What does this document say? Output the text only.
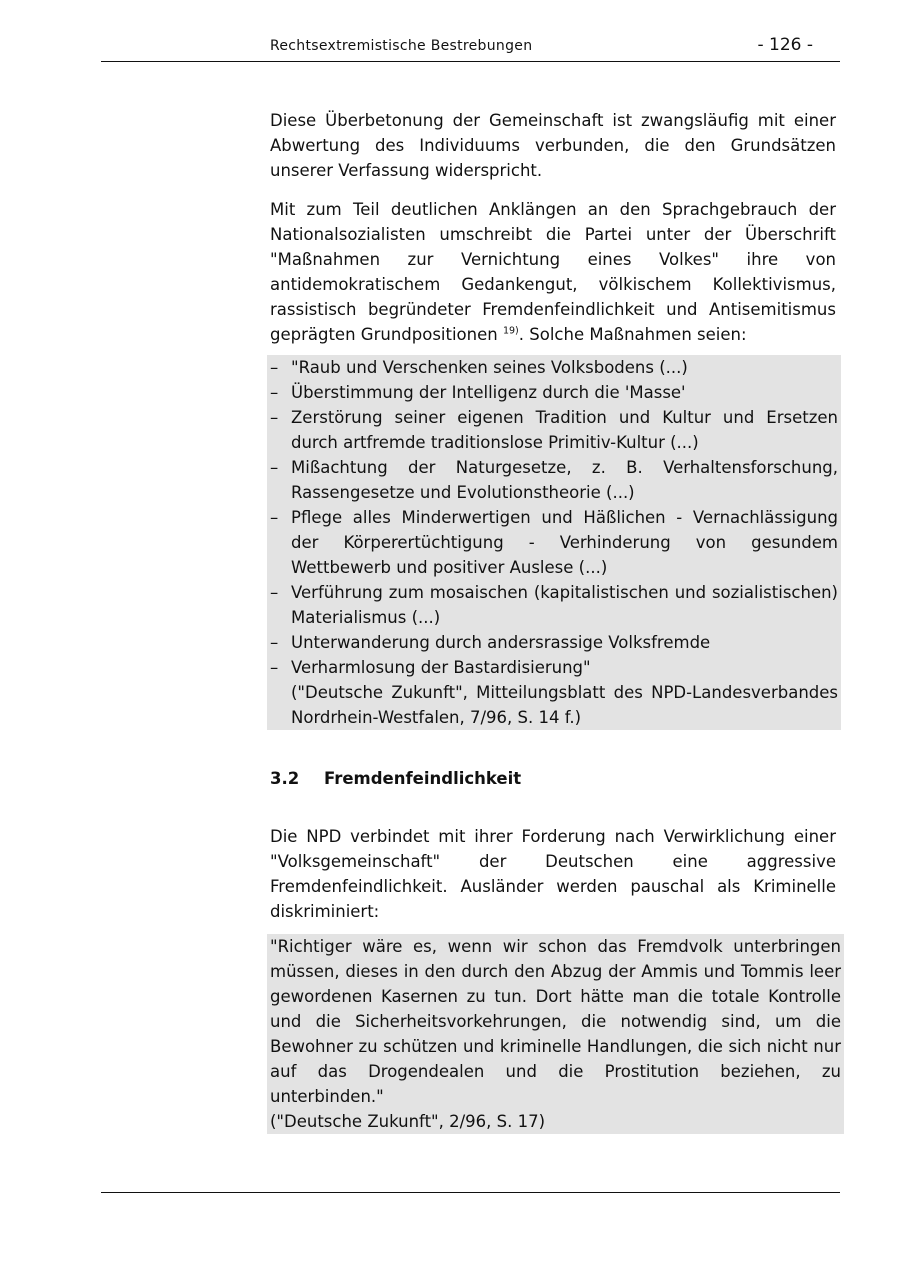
Rechtsextremistische Bestrebungen	- 126 -

Diese Überbetonung der Gemeinschaft ist zwangsläufig mit einer Abwertung des Individuums verbunden, die den Grundsätzen unserer Verfassung widerspricht.

Mit zum Teil deutlichen Anklängen an den Sprachgebrauch der Nationalsozialisten umschreibt die Partei unter der Überschrift "Maßnahmen zur Vernichtung eines Volkes" ihre von antidemokratischem Gedankengut, völkischem Kollektivismus, rassistisch begründeter Fremdenfeindlichkeit und Antisemitismus geprägten Grundpositionen $^{19)}$. Solche Maßnahmen seien:

– "Raub und Verschenken seines Volksbodens (...)
– Überstimmung der Intelligenz durch die 'Masse'
– Zerstörung seiner eigenen Tradition und Kultur und Ersetzen durch artfremde traditionslose Primitiv-Kultur (...)
– Mißachtung der Naturgesetze, z. B. Verhaltensforschung, Rassengesetze und Evolutionstheorie (...)
– Pflege alles Minderwertigen und Häßlichen - Vernachlässigung der Körperertüchtigung - Verhinderung von gesundem Wettbewerb und positiver Auslese (...)
– Verführung zum mosaischen (kapitalistischen und sozialistischen) Materialismus (...)
– Unterwanderung durch andersrassige Volksfremde
– Verharmlosung der Bastardisierung"
("Deutsche Zukunft", Mitteilungsblatt des NPD-Landesverbandes Nordrhein-Westfalen, 7/96, S. 14 f.)
3.2 Fremdenfeindlichkeit

Die NPD verbindet mit ihrer Forderung nach Verwirklichung einer "Volksgemeinschaft" der Deutschen eine aggressive Fremdenfeindlichkeit. Ausländer werden pauschal als Kriminelle diskriminiert:

"Richtiger wäre es, wenn wir schon das Fremdvolk unterbringen müssen, dieses in den durch den Abzug der Ammis und Tommis leer gewordenen Kasernen zu tun. Dort hätte man die totale Kontrolle und die Sicherheitsvorkehrungen, die notwendig sind, um die Bewohner zu schützen und kriminelle Handlungen, die sich nicht nur auf das Drogendealen und die Prostitution beziehen, zu unterbinden."

("Deutsche Zukunft", 2/96, S. 17)
